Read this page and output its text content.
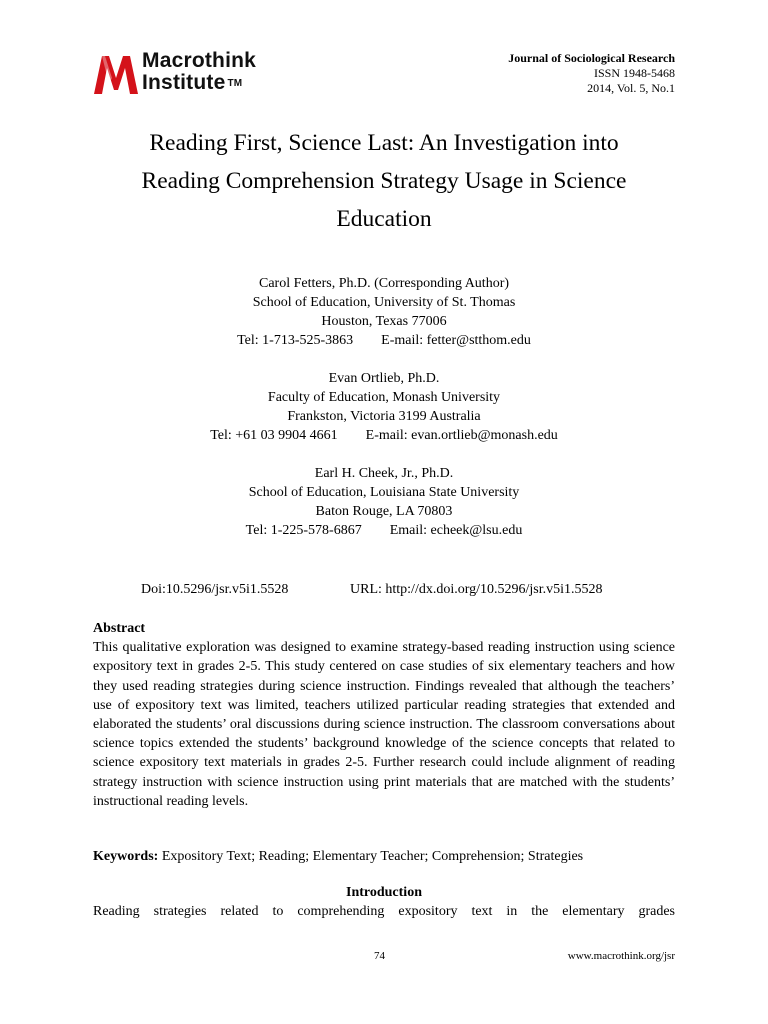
Macrothink
Institute ™
Journal of Sociological Research
ISSN 1948-5468
2014, Vol. 5, No.1
Reading First, Science Last: An Investigation into
Reading Comprehension Strategy Usage in Science
Education
Carol Fetters, Ph.D. (Corresponding Author)
School of Education, University of St. Thomas
Houston, Texas 77006
Tel: 1-713-525-3863 E-mail: fetter@stthom.edu
Evan Ortlieb, Ph.D.
Faculty of Education, Monash University
Frankston, Victoria 3199 Australia
Tel: +61 03 9904 4661 E-mail: evan.ortlieb@monash.edu
Earl H. Cheek, Jr., Ph.D.
School of Education, Louisiana State University
Baton Rouge, LA 70803
Tel: 1-225-578-6867 Email: echeek@lsu.edu
Doi:10.5296/jsr.v5i1.5528	URL: http://dx.doi.org/10.5296/jsr.v5i1.5528
Abstract

This qualitative exploration was designed to examine strategy-based reading instruction using science expository text in grades 2-5. This study centered on case studies of six elementary teachers and how they used reading strategies during science instruction. Findings revealed that although the teachers’ use of expository text was limited, teachers utilized particular reading strategies that extended and elaborated the students’ oral discussions during science instruction. The classroom conversations about science topics extended the students’ background knowledge of the science concepts that related to science expository text materials in grades 2-5. Further research could include alignment of reading strategy instruction with science instruction using print materials that are matched with the students’ instructional reading levels.

Keywords: Expository Text; Reading; Elementary Teacher; Comprehension; Strategies
Introduction

Reading strategies related to comprehending expository text in the elementary grades

74	www.macrothink.org/jsr
